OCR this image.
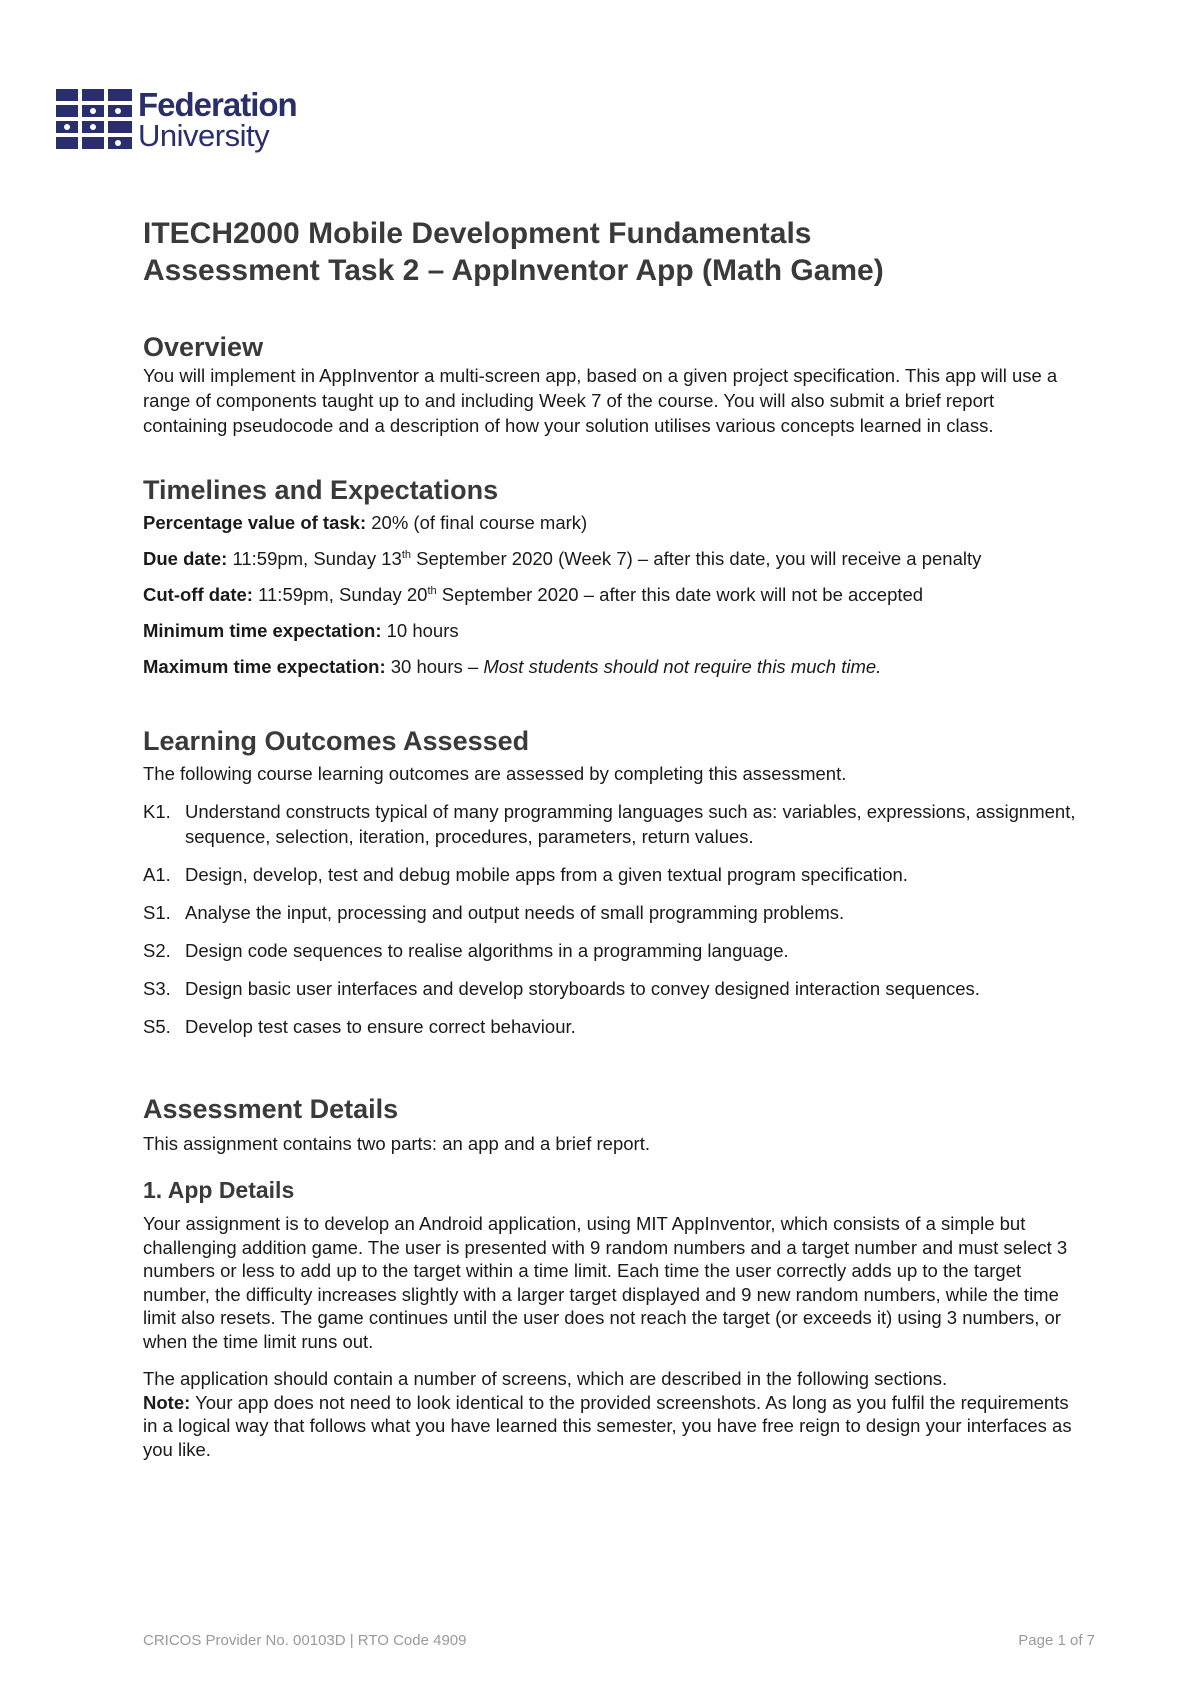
Federation
University
ITECH2000 Mobile Development Fundamentals
Assessment Task 2 – AppInventor App (Math Game)
Overview

You will implement in AppInventor a multi-screen app, based on a given project specification. This app will use a range of components taught up to and including Week 7 of the course. You will also submit a brief report containing pseudocode and a description of how your solution utilises various concepts learned in class.

Timelines and Expectations

Percentage value of task: 20% (of final course mark)

Due date: 11:59pm, Sunday 13th September 2020 (Week 7) – after this date, you will receive a penalty

Cut-off date: 11:59pm, Sunday 20th September 2020 – after this date work will not be accepted

Minimum time expectation: 10 hours

Maximum time expectation: 30 hours – Most students should not require this much time.

Learning Outcomes Assessed

The following course learning outcomes are assessed by completing this assessment.

K1. Understand constructs typical of many programming languages such as: variables, expressions, assignment, sequence, selection, iteration, procedures, parameters, return values.

A1. Design, develop, test and debug mobile apps from a given textual program specification.

S1. Analyse the input, processing and output needs of small programming problems.

S2. Design code sequences to realise algorithms in a programming language.

S3. Design basic user interfaces and develop storyboards to convey designed interaction sequences.

S5. Develop test cases to ensure correct behaviour.

Assessment Details

This assignment contains two parts: an app and a brief report.

1. App Details

Your assignment is to develop an Android application, using MIT AppInventor, which consists of a simple but challenging addition game. The user is presented with 9 random numbers and a target number and must select 3 numbers or less to add up to the target within a time limit. Each time the user correctly adds up to the target number, the difficulty increases slightly with a larger target displayed and 9 new random numbers, while the time limit also resets. The game continues until the user does not reach the target (or exceeds it) using 3 numbers, or when the time limit runs out.

The application should contain a number of screens, which are described in the following sections.
Note: Your app does not need to look identical to the provided screenshots. As long as you fulfil the requirements in a logical way that follows what you have learned this semester, you have free reign to design your interfaces as you like.

CRICOS Provider No. 00103D | RTO Code 4909	Page 1 of 7
